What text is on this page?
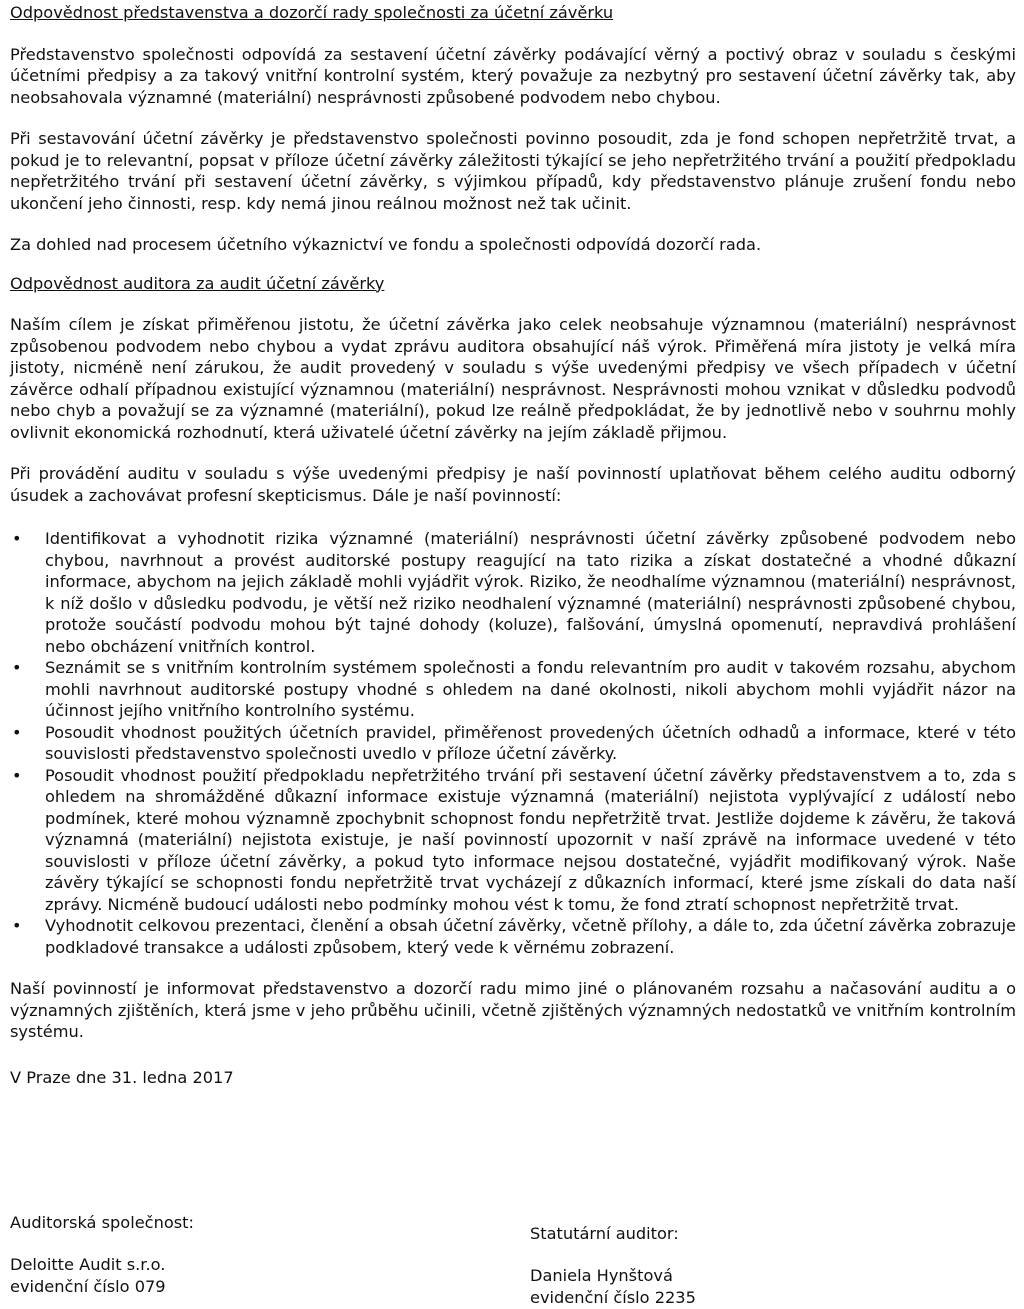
Odpovědnost představenstva a dozorčí rady společnosti za účetní závěrku

Představenstvo společnosti odpovídá za sestavení účetní závěrky podávající věrný a poctivý obraz v souladu s českými účetními předpisy a za takový vnitřní kontrolní systém, který považuje za nezbytný pro sestavení účetní závěrky tak, aby neobsahovala významné (materiální) nesprávnosti způsobené podvodem nebo chybou.

Při sestavování účetní závěrky je představenstvo společnosti povinno posoudit, zda je fond schopen nepřetržitě trvat, a pokud je to relevantní, popsat v příloze účetní závěrky záležitosti týkající se jeho nepřetržitého trvání a použití předpokladu nepřetržitého trvání při sestavení účetní závěrky, s výjimkou případů, kdy představenstvo plánuje zrušení fondu nebo ukončení jeho činnosti, resp. kdy nemá jinou reálnou možnost než tak učinit.

Za dohled nad procesem účetního výkaznictví ve fondu a společnosti odpovídá dozorčí rada.

Odpovědnost auditora za audit účetní závěrky

Naším cílem je získat přiměřenou jistotu, že účetní závěrka jako celek neobsahuje významnou (materiální) nesprávnost způsobenou podvodem nebo chybou a vydat zprávu auditora obsahující náš výrok. Přiměřená míra jistoty je velká míra jistoty, nicméně není zárukou, že audit provedený v souladu s výše uvedenými předpisy ve všech případech v účetní závěrce odhalí případnou existující významnou (materiální) nesprávnost. Nesprávnosti mohou vznikat v důsledku podvodů nebo chyb a považují se za významné (materiální), pokud lze reálně předpokládat, že by jednotlivě nebo v souhrnu mohly ovlivnit ekonomická rozhodnutí, která uživatelé účetní závěrky na jejím základě přijmou.

Při provádění auditu v souladu s výše uvedenými předpisy je naší povinností uplatňovat během celého auditu odborný úsudek a zachovávat profesní skepticismus. Dále je naší povinností:

• Identifikovat a vyhodnotit rizika významné (materiální) nesprávnosti účetní závěrky způsobené podvodem nebo chybou, navrhnout a provést auditorské postupy reagující na tato rizika a získat dostatečné a vhodné důkazní informace, abychom na jejich základě mohli vyjádřit výrok. Riziko, že neodhalíme významnou (materiální) nesprávnost, k níž došlo v důsledku podvodu, je větší než riziko neodhalení významné (materiální) nesprávnosti způsobené chybou, protože součástí podvodu mohou být tajné dohody (koluze), falšování, úmyslná opomenutí, nepravdivá prohlášení nebo obcházení vnitřních kontrol.
• Seznámit se s vnitřním kontrolním systémem společnosti a fondu relevantním pro audit v takovém rozsahu, abychom mohli navrhnout auditorské postupy vhodné s ohledem na dané okolnosti, nikoli abychom mohli vyjádřit názor na účinnost jejího vnitřního kontrolního systému.
• Posoudit vhodnost použitých účetních pravidel, přiměřenost provedených účetních odhadů a informace, které v této souvislosti představenstvo společnosti uvedlo v příloze účetní závěrky.
• Posoudit vhodnost použití předpokladu nepřetržitého trvání při sestavení účetní závěrky představenstvem a to, zda s ohledem na shromážděné důkazní informace existuje významná (materiální) nejistota vyplývající z událostí nebo podmínek, které mohou významně zpochybnit schopnost fondu nepřetržitě trvat. Jestliže dojdeme k závěru, že taková významná (materiální) nejistota existuje, je naší povinností upozornit v naší zprávě na informace uvedené v této souvislosti v příloze účetní závěrky, a pokud tyto informace nejsou dostatečné, vyjádřit modifikovaný výrok. Naše závěry týkající se schopnosti fondu nepřetržitě trvat vycházejí z důkazních informací, které jsme získali do data naší zprávy. Nicméně budoucí události nebo podmínky mohou vést k tomu, že fond ztratí schopnost nepřetržitě trvat.
• Vyhodnotit celkovou prezentaci, členění a obsah účetní závěrky, včetně přílohy, a dále to, zda účetní závěrka zobrazuje podkladové transakce a události způsobem, který vede k věrnému zobrazení.

Naší povinností je informovat představenstvo a dozorčí radu mimo jiné o plánovaném rozsahu a načasování auditu a o významných zjištěních, která jsme v jeho průběhu učinili, včetně zjištěných významných nedostatků ve vnitřním kontrolním systému.

V Praze dne 31. ledna 2017

Auditorská společnost:
Deloitte Audit s.r.o.
evidenční číslo 079
Statutární auditor:
Daniela Hynštová
evidenční číslo 2235
